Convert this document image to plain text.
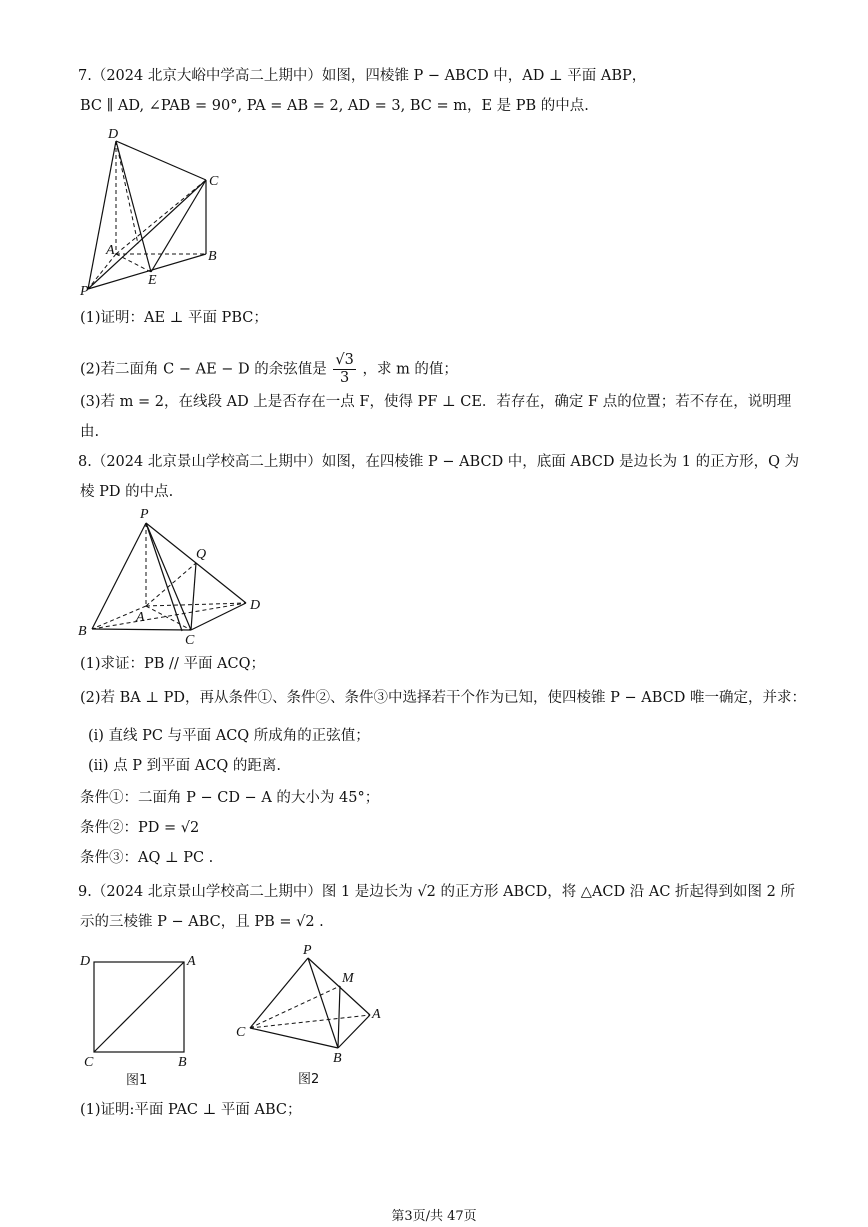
7.（2024 北京大峪中学高二上期中）如图，四棱锥 P − ABCD 中，AD ⊥ 平面 ABP，
BC ∥ AD, ∠PAB = 90°, PA = AB = 2, AD = 3, BC = m，E 是 PB 的中点.
D
C
A	B
E
P
(1)证明：AE ⊥ 平面 PBC；
(2)若二面角 C − AE − D 的余弦值是 $\frac{√3}{3}$ ，求 m 的值；
(3)若 m = 2，在线段 AD 上是否存在一点 F，使得 PF ⊥ CE．若存在，确定 F 点的位置；若不存在，说明理
由.
8.（2024 北京景山学校高二上期中）如图，在四棱锥 P − ABCD 中，底面 ABCD 是边长为 1 的正方形，Q 为
棱 PD 的中点.
P
Q
A
B
C
D
(1)求证：PB // 平面 ACQ；
(2)若 BA ⊥ PD，再从条件①、条件②、条件③中选择若干个作为已知，使四棱锥 P − ABCD 唯一确定，并求：
(i) 直线 PC 与平面 ACQ 所成角的正弦值；
(ii) 点 P 到平面 ACQ 的距离.
条件①：二面角 P − CD − A 的大小为 45°；
条件②：PD = √2
条件③：AQ ⊥ PC .
9.（2024 北京景山学校高二上期中）图 1 是边长为 √2 的正方形 ABCD，将 △ACD 沿 AC 折起得到如图 2 所
示的三棱锥 P − ABC，且 PB = √2 .
D	A
C	B
图1
P
M
A
C
B
图2
(1)证明:平面 PAC ⊥ 平面 ABC；
第3页/共 47页
